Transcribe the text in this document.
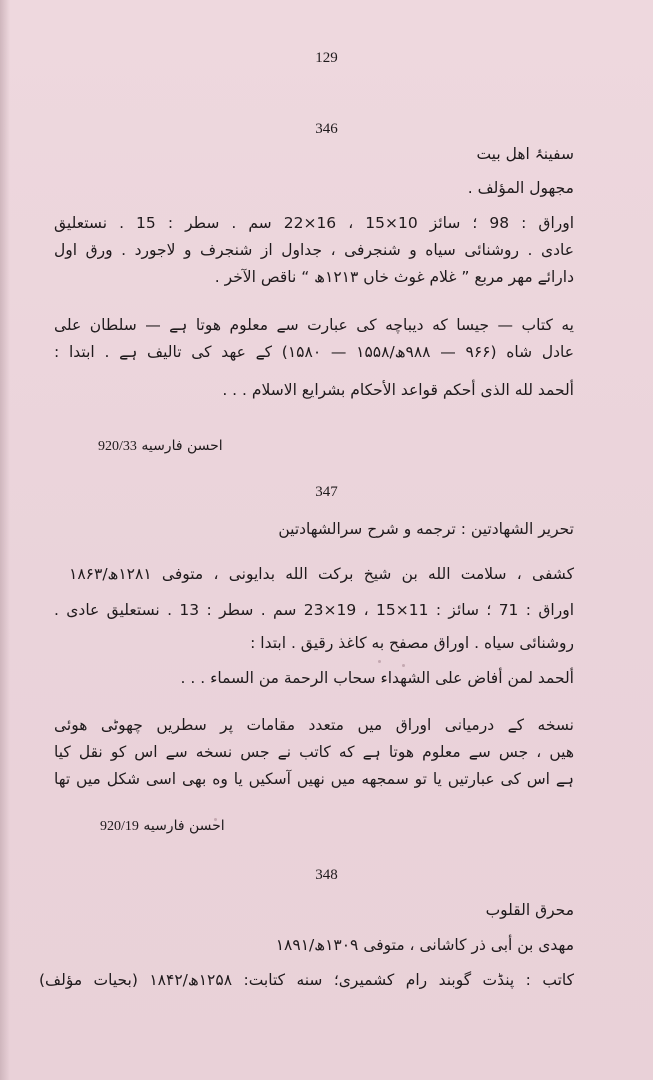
129
346
سفینۂ اهل بیت
مجهول المؤلف .
اوراق : 98 ؛ سائز 10×15 ، 16×22 سم . سطر : 15 . نستعلیق
عادی . روشنائی سیاه و شنجرفی ، جداول از شنجرف و لاجورد . ورق اول
دارائے مهر مربع ” غلام غوث خاں ۱۲۱۳ھ “ ناقص الآخر .
یه کتاب — جیسا که دیباچه کی عبارت سے معلوم هوتا ہے — سلطان علی
عادل شاه (۹۶۶ — ۹۸۸ھ/۱۵۵۸ — ۱۵۸۰) کے عهد کی تالیف ہے . ابتدا :
ألحمد لله الذی أحکم قواعد الأحکام بشرایع الاسلام . . .
احسن فارسیه 920/33
347
تحریر الشهادتین : ترجمه و شرح سرالشهادتین
کشفی ، سلامت الله بن شیخ برکت الله بدایونی ، متوفی ۱۲۸۱ھ/۱۸۶۳
اوراق : 71 ؛ سائز : 11×15 ، 19×23 سم . سطر : 13 . نستعلیق عادی .
روشنائی سیاه . اوراق مصفح به کاغذ رقیق . ابتدا :
ألحمد لمن أفاض علی الشهداء سحاب الرحمة من السماء . . .
نسخه کے درمیانی اوراق میں متعدد مقامات پر سطریں چھوٹی هوئی
هیں ، جس سے معلوم هوتا ہے که کاتب نے جس نسخه سے اس کو نقل کیا
ہے اس کی عبارتیں یا تو سمجهه میں نهیں آسکیں یا وه بھی اسی شکل میں تها
احسن فارسیه 920/19
348
محرق القلوب
مهدی بن أبی ذر کاشانی ، متوفی ۱۳۰۹ھ/۱۸۹۱
کاتب : پنڈت گوبند رام کشمیری؛ سنه کتابت: ۱۲۵۸ھ/۱۸۴۲ (بحیات مؤلف)
